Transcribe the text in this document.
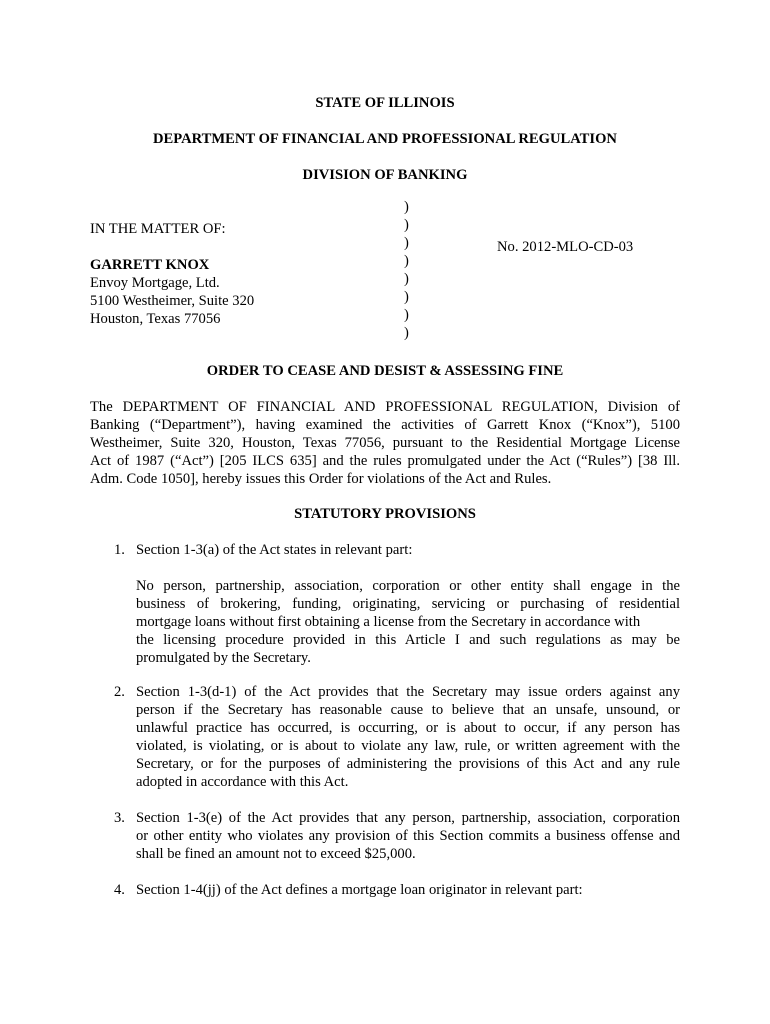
STATE OF ILLINOIS
DEPARTMENT OF FINANCIAL AND PROFESSIONAL REGULATION
DIVISION OF BANKING
IN THE MATTER OF:
GARRETT KNOX
Envoy Mortgage, Ltd.
5100 Westheimer, Suite 320
Houston, Texas 77056
No. 2012-MLO-CD-03
)
)
)
)
)
)
)
)
ORDER TO CEASE AND DESIST & ASSESSING FINE
The DEPARTMENT OF FINANCIAL AND PROFESSIONAL REGULATION, Division of
Banking (“Department”), having examined the activities of Garrett Knox (“Knox”), 5100
Westheimer, Suite 320, Houston, Texas 77056, pursuant to the Residential Mortgage License
Act of 1987 (“Act”) [205 ILCS 635] and the rules promulgated under the Act (“Rules”) [38 Ill.
Adm. Code 1050], hereby issues this Order for violations of the Act and Rules.
STATUTORY PROVISIONS
1. Section 1-3(a) of the Act states in relevant part:
No person, partnership, association, corporation or other entity shall engage in the
business of brokering, funding, originating, servicing or purchasing of residential
mortgage loans without first obtaining a license from the Secretary in accordance with
the licensing procedure provided in this Article I and such regulations as may be
promulgated by the Secretary.
2. Section 1-3(d-1) of the Act provides that the Secretary may issue orders against any
person if the Secretary has reasonable cause to believe that an unsafe, unsound, or
unlawful practice has occurred, is occurring, or is about to occur, if any person has
violated, is violating, or is about to violate any law, rule, or written agreement with the
Secretary, or for the purposes of administering the provisions of this Act and any rule
adopted in accordance with this Act.
3. Section 1-3(e) of the Act provides that any person, partnership, association, corporation
or other entity who violates any provision of this Section commits a business offense and
shall be fined an amount not to exceed $25,000.
4. Section 1-4(jj) of the Act defines a mortgage loan originator in relevant part:
